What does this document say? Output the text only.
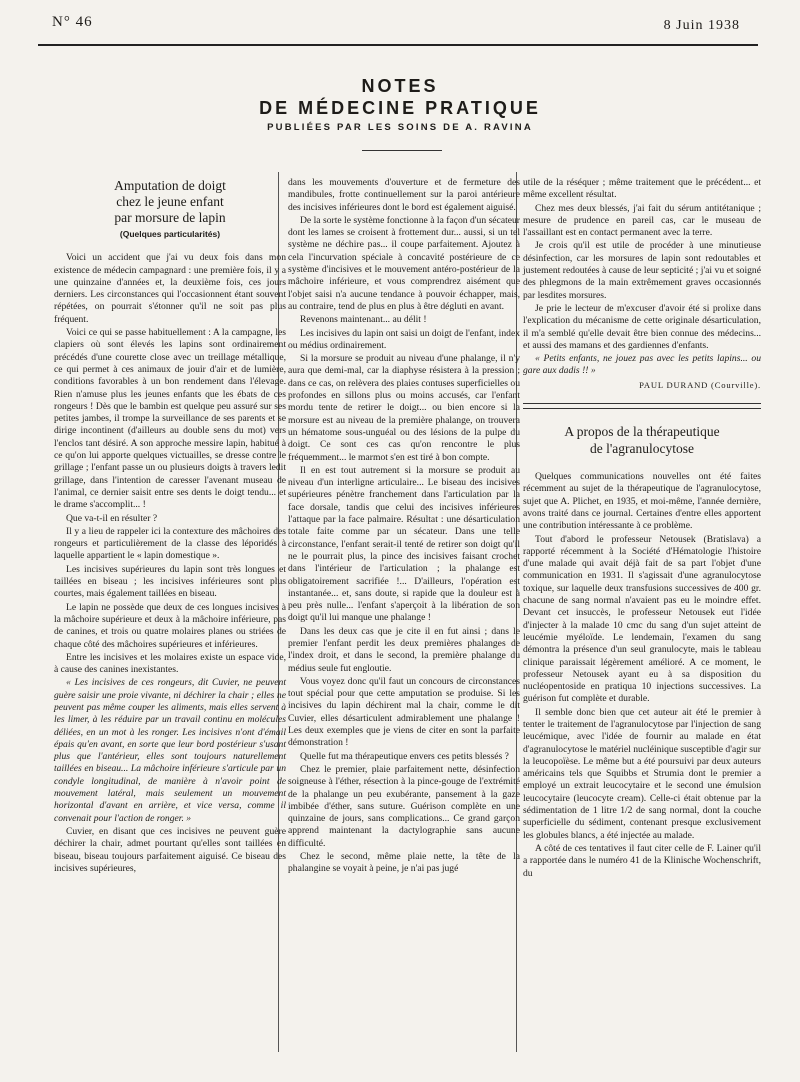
N° 46	8 Juin 1938
NOTES
DE MÉDECINE PRATIQUE
PUBLIÉES PAR LES SOINS DE A. RAVINA
Amputation de doigt
chez le jeune enfant
par morsure de lapin
(Quelques particularités)

Voici un accident que j'ai vu deux fois dans mon existence de médecin campagnard : une première fois, il y a une quinzaine d'années et, la deuxième fois, ces jours derniers. Les circonstances qui l'occasionnent étant souvent répétées, on pourrait s'étonner qu'il ne soit pas plus fréquent.

Voici ce qui se passe habituellement : A la campagne, les clapiers où sont élevés les lapins sont ordinairement précédés d'une courette close avec un treillage métallique, ce qui permet à ces animaux de jouir d'air et de lumière, conditions favorables à un bon rendement dans l'élevage. Rien n'amuse plus les jeunes enfants que les ébats de ces rongeurs ! Dès que le bambin est quelque peu assuré sur ses petites jambes, il trompe la surveillance de ses parents et se dirige incontinent (d'ailleurs au double sens du mot) vers l'enclos tant désiré. A son approche messire lapin, habitué à ce qu'on lui apporte quelques victuailles, se dresse contre le grillage ; l'enfant passe un ou plusieurs doigts à travers ledit grillage, dans l'intention de caresser l'avenant museau de l'animal, ce dernier saisit entre ses dents le doigt tendu... et le drame s'accomplit... !

Que va-t-il en résulter ?

Il y a lieu de rappeler ici la contexture des mâchoires des rongeurs et particulièrement de la classe des léporidés à laquelle appartient le « lapin domestique ».

Les incisives supérieures du lapin sont très longues et taillées en biseau ; les incisives inférieures sont plus courtes, mais également taillées en biseau.

Le lapin ne possède que deux de ces longues incisives à la mâchoire supérieure et deux à la mâchoire inférieure, pas de canines, et trois ou quatre molaires planes ou striées de chaque côté des mâchoires supérieures et inférieures.

Entre les incisives et les molaires existe un espace vide, à cause des canines inexistantes.

« Les incisives de ces rongeurs, dit Cuvier, ne peuvent guère saisir une proie vivante, ni déchirer la chair ; elles ne peuvent pas même couper les aliments, mais elles servent à les limer, à les réduire par un travail continu en molécules déliées, en un mot à les ronger. Les incisives n'ont d'émail épais qu'en avant, en sorte que leur bord postérieur s'usant plus que l'antérieur, elles sont toujours naturellement taillées en biseau... La mâchoire inférieure s'articule par un condyle longitudinal, de manière à n'avoir point de mouvement latéral, mais seulement un mouvement horizontal d'avant en arrière, et vice versa, comme il convenait pour l'action de ronger. »

Cuvier, en disant que ces incisives ne peuvent guère déchirer la chair, admet pourtant qu'elles sont taillées en biseau, biseau toujours parfaitement aiguisé. Ce biseau des incisives supérieures,

dans les mouvements d'ouverture et de fermeture des mandibules, frotte continuellement sur la paroi antérieure des incisives inférieures dont le bord est également aiguisé.

De la sorte le système fonctionne à la façon d'un sécateur dont les lames se croisent à frottement dur... aussi, si un tel système ne déchire pas... il coupe parfaitement. Ajoutez à cela l'incurvation spéciale à concavité postérieure de ce système d'incisives et le mouvement antéro-postérieur de la mâchoire inférieure, et vous comprendrez aisément que l'objet saisi n'a aucune tendance à pouvoir échapper, mais, au contraire, tend de plus en plus à être dégluti en avant.

Revenons maintenant... au délit !

Les incisives du lapin ont saisi un doigt de l'enfant, index ou médius ordinairement.

Si la morsure se produit au niveau d'une phalange, il n'y aura que demi-mal, car la diaphyse résistera à la pression ; dans ce cas, on relèvera des plaies contuses superficielles ou profondes en sillons plus ou moins accusés, car l'enfant mordu tente de retirer le doigt... ou bien encore si la morsure est au niveau de la première phalange, on trouvera un hématome sous-unguéal ou des lésions de la pulpe du doigt. Ce sont ces cas qu'on rencontre le plus fréquemment... le marmot s'en est tiré à bon compte.

Il en est tout autrement si la morsure se produit au niveau d'un interligne articulaire... Le biseau des incisives supérieures pénètre franchement dans l'articulation par la face dorsale, tandis que celui des incisives inférieures l'attaque par la face palmaire. Résultat : une désarticulation totale faite comme par un sécateur. Dans une telle circonstance, l'enfant serait-il tenté de retirer son doigt qu'il ne le pourrait plus, la pince des incisives faisant crochet dans l'intérieur de l'articulation ; la phalange est obligatoirement sacrifiée !... D'ailleurs, l'opération est instantanée... et, sans doute, si rapide que la douleur est à peu près nulle... l'enfant s'aperçoit à la libération de son doigt qu'il lui manque une phalange !

Dans les deux cas que je cite il en fut ainsi ; dans le premier l'enfant perdit les deux premières phalanges de l'index droit, et dans le second, la première phalange du médius seule fut engloutie.

Vous voyez donc qu'il faut un concours de circonstances tout spécial pour que cette amputation se produise. Si les incisives du lapin déchirent mal la chair, comme le dit Cuvier, elles désarticulent admirablement une phalange ! Les deux exemples que je viens de citer en sont la parfaite démonstration !

Quelle fut ma thérapeutique envers ces petits blessés ?

Chez le premier, plaie parfaitement nette, désinfection soigneuse à l'éther, résection à la pince-gouge de l'extrémité de la phalange un peu exubérante, pansement à la gaze imbibée d'éther, sans suture. Guérison complète en une quinzaine de jours, sans complications... Ce grand garçon apprend maintenant la dactylographie sans aucune difficulté.

Chez le second, même plaie nette, la tête de la phalangine se voyait à peine, je n'ai pas jugé

utile de la réséquer ; même traitement que le précédent... et même excellent résultat.

Chez mes deux blessés, j'ai fait du sérum antitétanique ; mesure de prudence en pareil cas, car le museau de l'assaillant est en contact permanent avec la terre.

Je crois qu'il est utile de procéder à une minutieuse désinfection, car les morsures de lapin sont redoutables et justement redoutées à cause de leur septicité ; j'ai vu et soigné des phlegmons de la main extrêmement graves occasionnés par lesdites morsures.

Je prie le lecteur de m'excuser d'avoir été si prolixe dans l'explication du mécanisme de cette originale désarticulation, il m'a semblé qu'elle devait être bien connue des médecins... et aussi des mamans et des gardiennes d'enfants.

« Petits enfants, ne jouez pas avec les petits lapins... ou gare aux dadis !! »

PAUL DURAND (Courville).
A propos de la thérapeutique
de l'agranulocytose

Quelques communications nouvelles ont été faites récemment au sujet de la thérapeutique de l'agranulocytose, sujet que A. Plichet, en 1935, et moi-même, l'année dernière, avons traité dans ce journal. Certaines d'entre elles apportent une contribution intéressante à ce problème.

Tout d'abord le professeur Netousek (Bratislava) a rapporté récemment à la Société d'Hématologie l'histoire d'une malade qui avait déjà fait de sa part l'objet d'une communication en 1931. Il s'agissait d'une agranulocytose toxique, sur laquelle deux transfusions successives de 400 gr. chacune de sang normal n'avaient pas eu le moindre effet. Devant cet insuccès, le professeur Netousek eut l'idée d'injecter à la malade 10 cmc du sang d'un sujet atteint de leucémie myéloïde. Le lendemain, l'examen du sang démontra la présence d'un seul granulocyte, mais le tableau clinique paraissait légèrement amélioré. A ce moment, le professeur Netousek ayant eu à sa disposition du nucléopentoside en pratiqua 10 injections successives. La guérison fut complète et durable.

Il semble donc bien que cet auteur ait été le premier à tenter le traitement de l'agranulocytose par l'injection de sang leucémique, avec l'idée de fournir au malade en état d'agranulocytose le matériel nucléinique susceptible d'agir sur la leucopoïèse. Le même but a été poursuivi par deux auteurs américains tels que Squibbs et Strumia dont le premier a employé un extrait leucocytaire et le second une émulsion leucocytaire (leucocyte cream). Celle-ci était obtenue par la sédimentation de 1 litre 1/2 de sang normal, dont la couche superficielle du sédiment, contenant presque exclusivement les globules blancs, a été injectée au malade.

A côté de ces tentatives il faut citer celle de F. Lainer qu'il a rapportée dans le numéro 41 de la Klinische Wochenschrift, du
